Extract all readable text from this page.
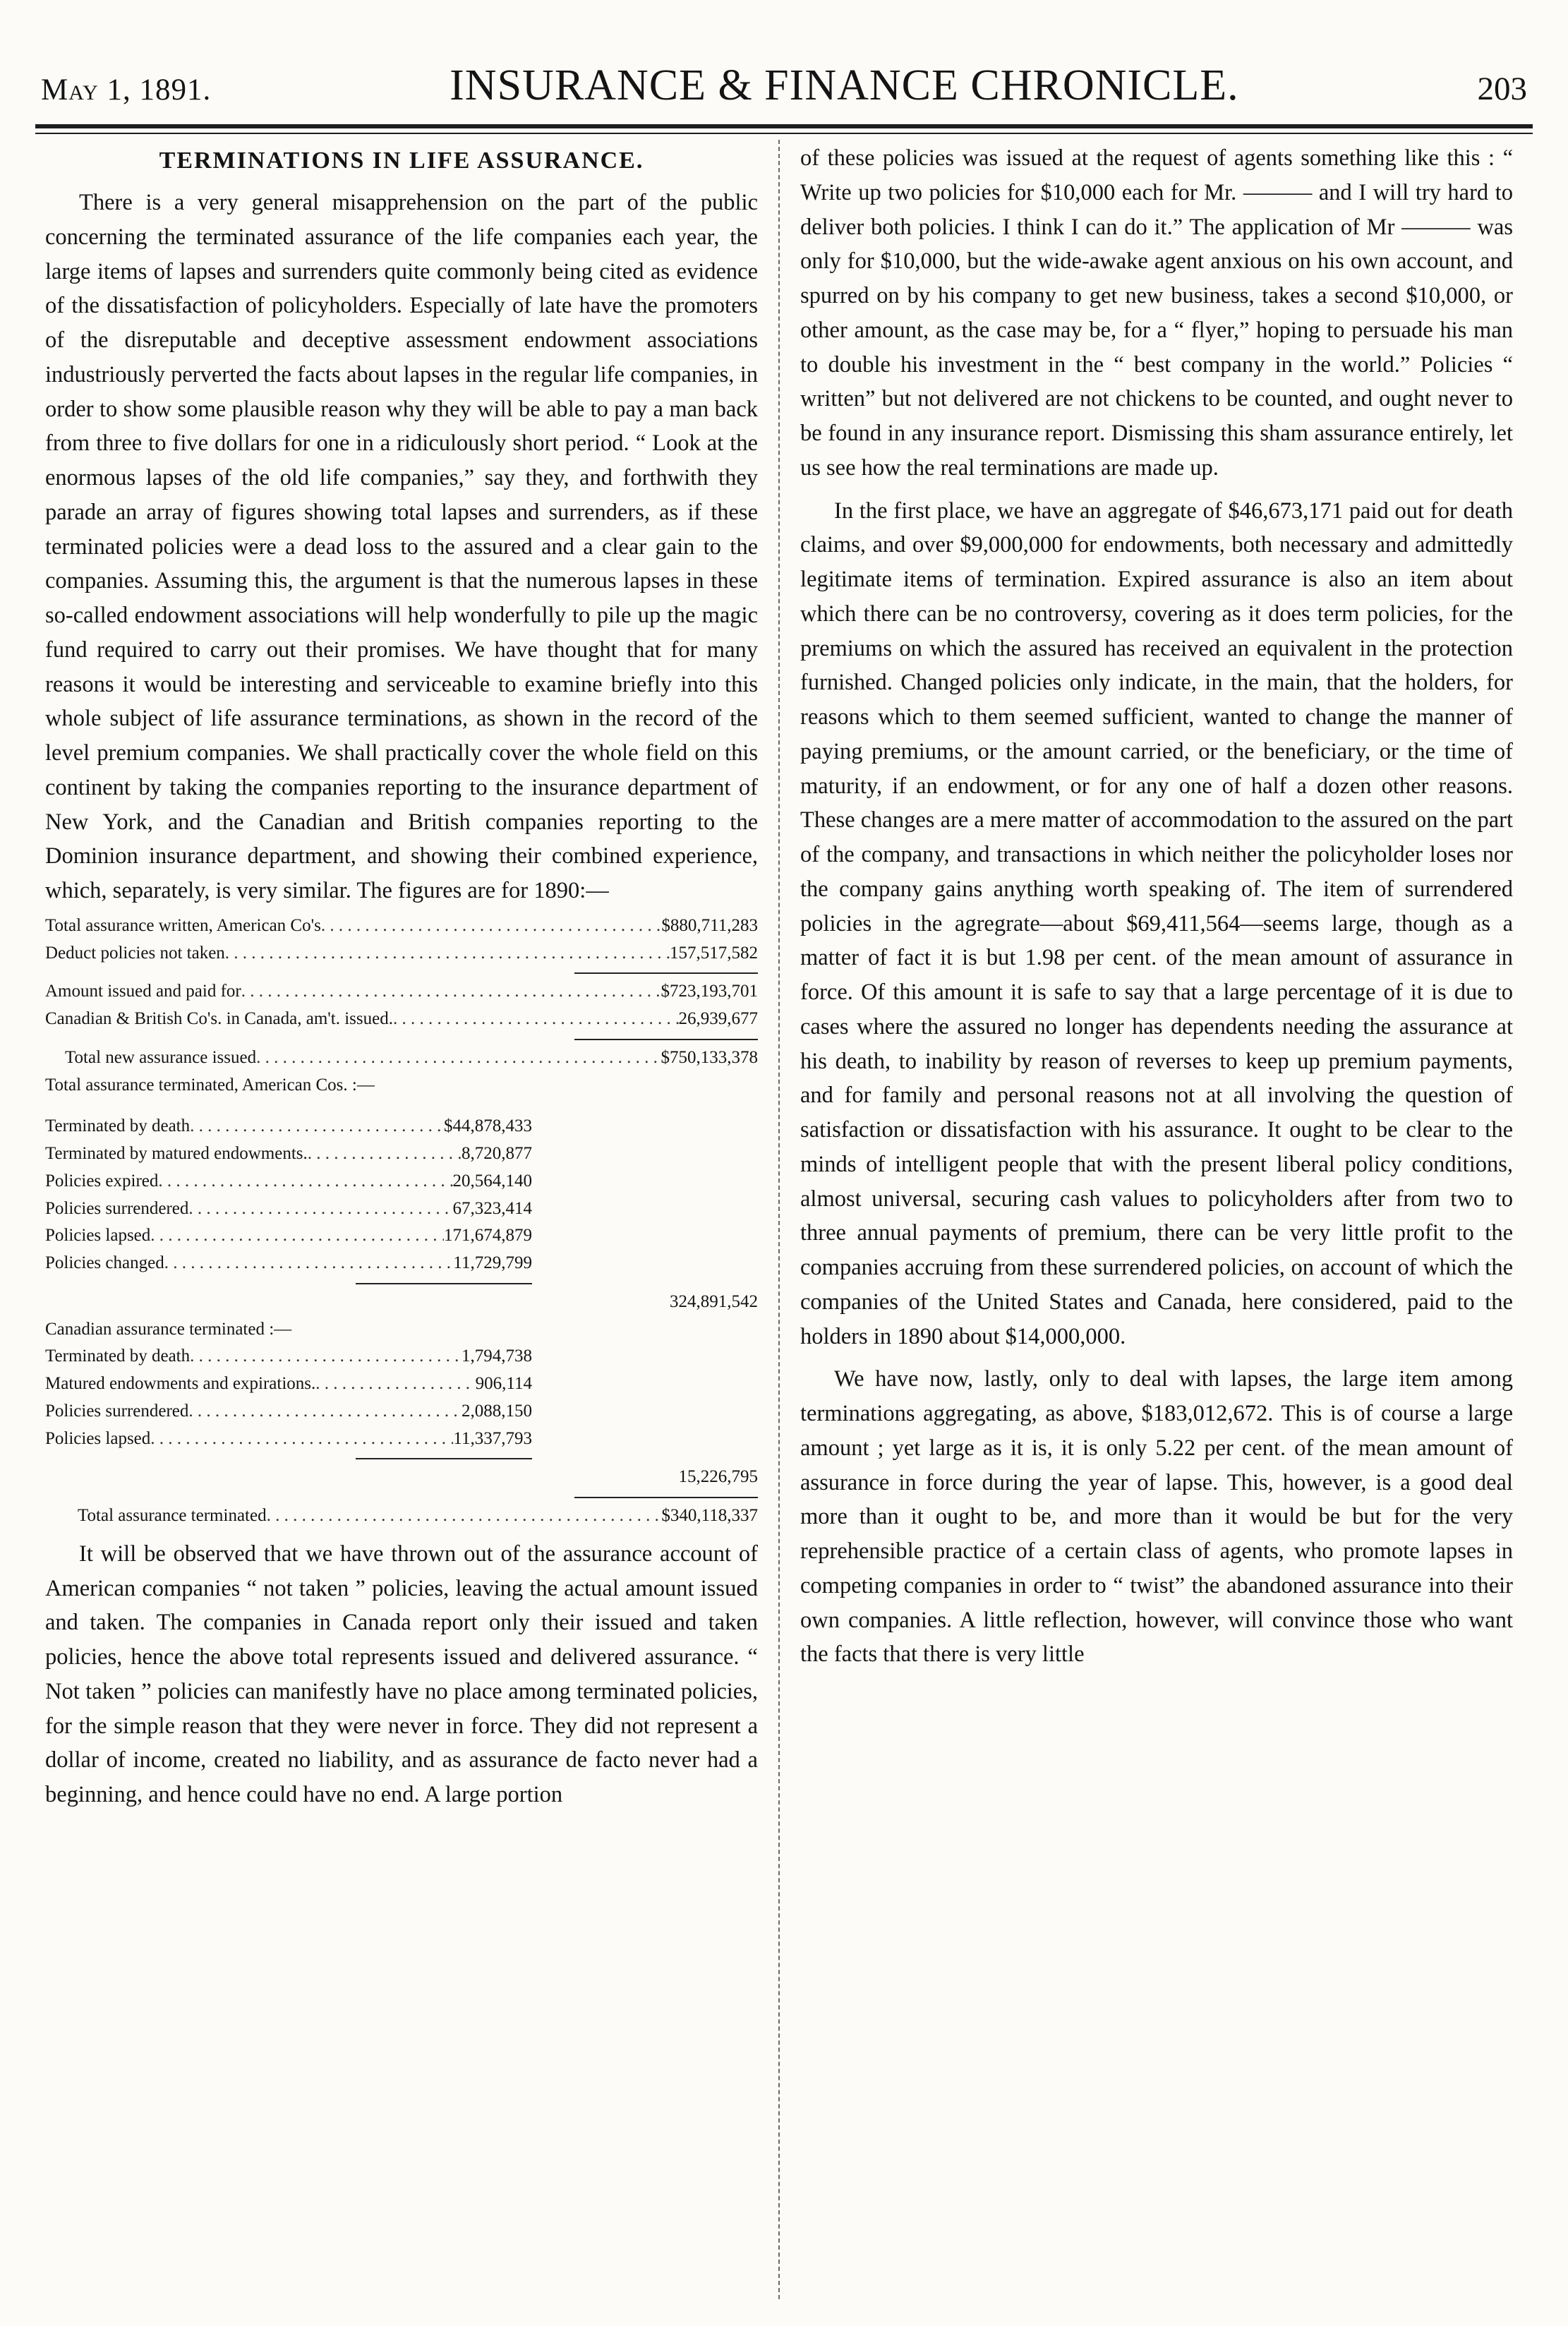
May 1, 1891.	INSURANCE & FINANCE CHRONICLE.	203
TERMINATIONS IN LIFE ASSURANCE.

There is a very general misapprehension on the part of the public concerning the terminated assurance of the life companies each year, the large items of lapses and surrenders quite commonly being cited as evidence of the dissatisfaction of policyholders. Especially of late have the promoters of the disreputable and deceptive assessment endowment associations industriously perverted the facts about lapses in the regular life companies, in order to show some plausible reason why they will be able to pay a man back from three to five dollars for one in a ridiculously short period. “ Look at the enormous lapses of the old life companies,” say they, and forthwith they parade an array of figures showing total lapses and surrenders, as if these terminated policies were a dead loss to the assured and a clear gain to the companies. Assuming this, the argument is that the numerous lapses in these so-called endowment associations will help wonderfully to pile up the magic fund required to carry out their promises. We have thought that for many reasons it would be interesting and serviceable to examine briefly into this whole subject of life assurance terminations, as shown in the record of the level premium companies. We shall practically cover the whole field on this continent by taking the companies reporting to the insurance department of New York, and the Canadian and British companies reporting to the Dominion insurance department, and showing their combined experience, which, separately, is very similar. The figures are for 1890:—

Total assurance written, American Co's . . .	$880,711,283
Deduct policies not taken . . .	157,517,582
Amount issued and paid for . . .	$723,193,701
Canadian & British Co's. in Canada, am't. issued. . . .	26,939,677
Total new assurance issued . . .	$750,133,378
Total assurance terminated, American Cos. :—
Terminated by death . . .	$44,878,433
Terminated by matured endowments. . . .	8,720,877
Policies expired . . .	20,564,140
Policies surrendered . . .	67,323,414
Policies lapsed . . .	171,674,879
Policies changed . . .	11,729,799
324,891,542
Canadian assurance terminated :—
Terminated by death . . .	1,794,738
Matured endowments and expirations. . . .	906,114
Policies surrendered . . .	2,088,150
Policies lapsed . . .	11,337,793
15,226,795
Total assurance terminated . . .	$340,118,337

It will be observed that we have thrown out of the assurance account of American companies “ not taken ” policies, leaving the actual amount issued and taken. The companies in Canada report only their issued and taken policies, hence the above total represents issued and delivered assurance. “ Not taken ” policies can manifestly have no place among terminated policies, for the simple reason that they were never in force. They did not represent a dollar of income, created no liability, and as assurance de facto never had a beginning, and hence could have no end. A large portion

of these policies was issued at the request of agents something like this : “ Write up two policies for $10,000 each for Mr. ——— and I will try hard to deliver both policies. I think I can do it.” The application of Mr ——— was only for $10,000, but the wide-awake agent anxious on his own account, and spurred on by his company to get new business, takes a second $10,000, or other amount, as the case may be, for a “ flyer,” hoping to persuade his man to double his investment in the “ best company in the world.” Policies “ written” but not delivered are not chickens to be counted, and ought never to be found in any insurance report. Dismissing this sham assurance entirely, let us see how the real terminations are made up.

In the first place, we have an aggregate of $46,673,171 paid out for death claims, and over $9,000,000 for endowments, both necessary and admittedly legitimate items of termination. Expired assurance is also an item about which there can be no controversy, covering as it does term policies, for the premiums on which the assured has received an equivalent in the protection furnished. Changed policies only indicate, in the main, that the holders, for reasons which to them seemed sufficient, wanted to change the manner of paying premiums, or the amount carried, or the beneficiary, or the time of maturity, if an endowment, or for any one of half a dozen other reasons. These changes are a mere matter of accommodation to the assured on the part of the company, and transactions in which neither the policyholder loses nor the company gains anything worth speaking of. The item of surrendered policies in the agregrate—about $69,411,564—seems large, though as a matter of fact it is but 1.98 per cent. of the mean amount of assurance in force. Of this amount it is safe to say that a large percentage of it is due to cases where the assured no longer has dependents needing the assurance at his death, to inability by reason of reverses to keep up premium payments, and for family and personal reasons not at all involving the question of satisfaction or dissatisfaction with his assurance. It ought to be clear to the minds of intelligent people that with the present liberal policy conditions, almost universal, securing cash values to policyholders after from two to three annual payments of premium, there can be very little profit to the companies accruing from these surrendered policies, on account of which the companies of the United States and Canada, here considered, paid to the holders in 1890 about $14,000,000.

We have now, lastly, only to deal with lapses, the large item among terminations aggregating, as above, $183,012,672. This is of course a large amount ; yet large as it is, it is only 5.22 per cent. of the mean amount of assurance in force during the year of lapse. This, however, is a good deal more than it ought to be, and more than it would be but for the very reprehensible practice of a certain class of agents, who promote lapses in competing companies in order to “ twist” the abandoned assurance into their own companies. A little reflection, however, will convince those who want the facts that there is very little
